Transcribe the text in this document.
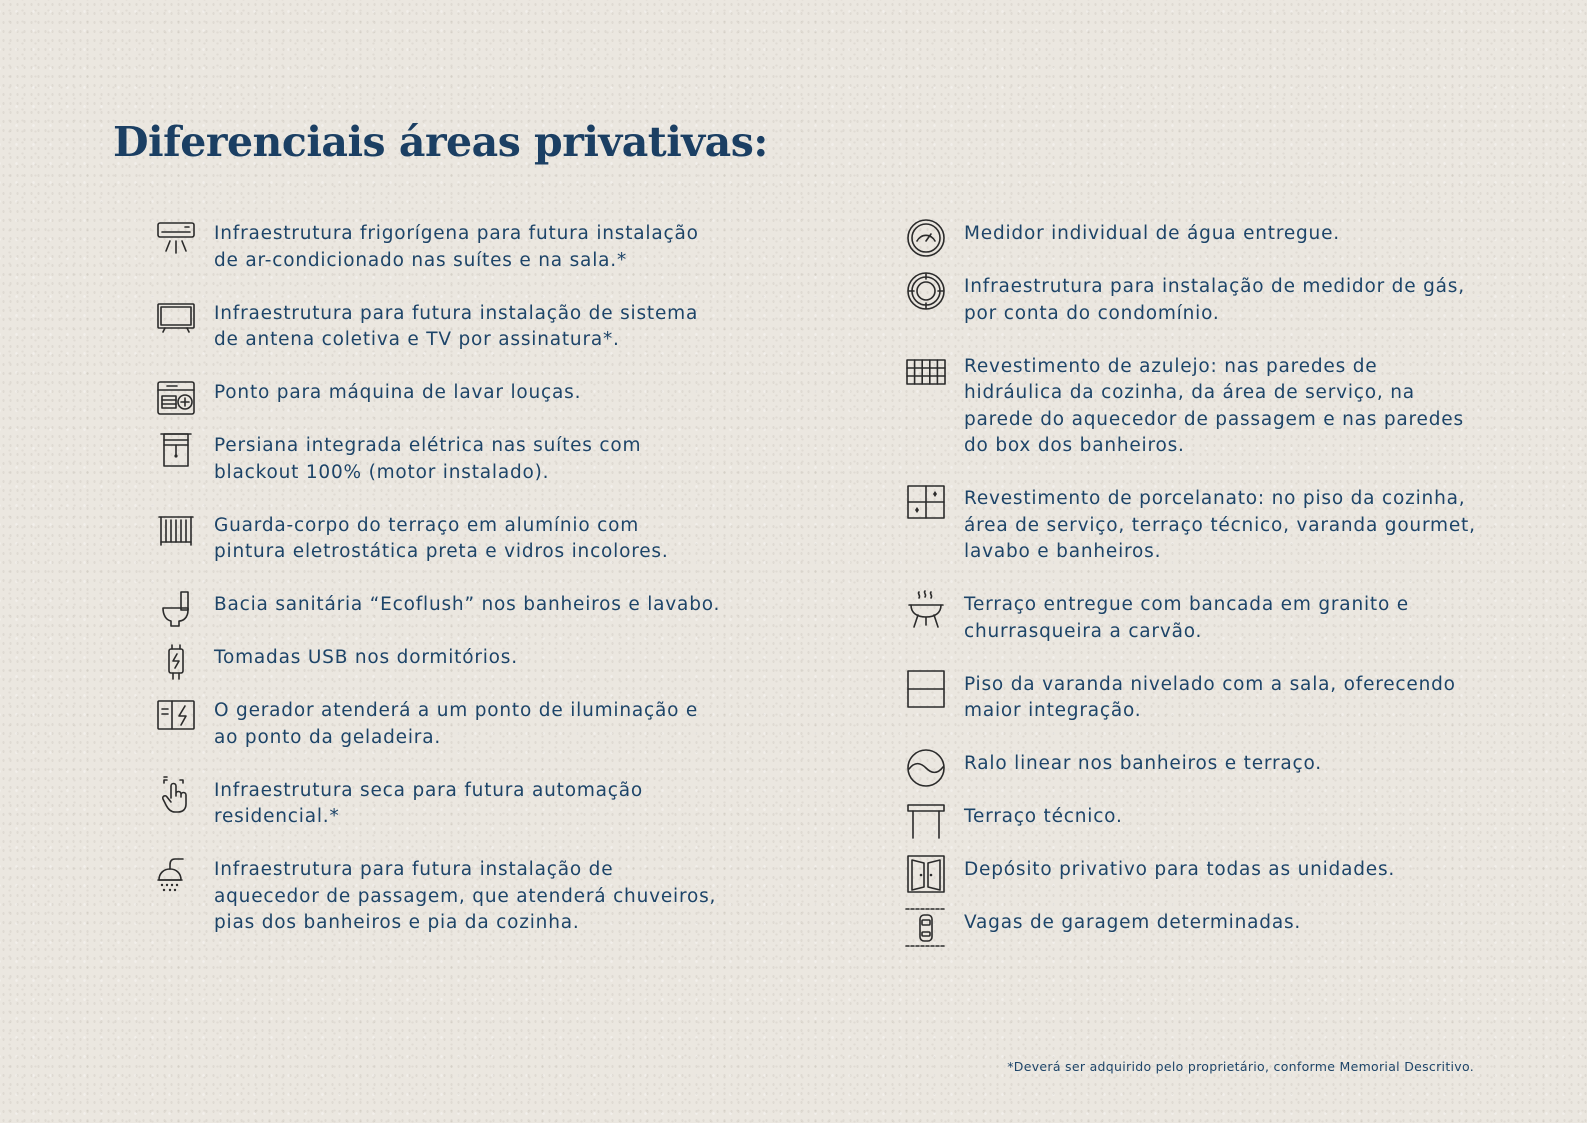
Diferenciais áreas privativas:

Infraestrutura frigorígena para futura instalação
de ar-condicionado nas suítes e na sala.*

Infraestrutura para futura instalação de sistema
de antena coletiva e TV por assinatura*.

Ponto para máquina de lavar louças.

Persiana integrada elétrica nas suítes com
blackout 100% (motor instalado).

Guarda-corpo do terraço em alumínio com
pintura eletrostática preta e vidros incolores.

Bacia sanitária “Ecoflush” nos banheiros e lavabo.

Tomadas USB nos dormitórios.

O gerador atenderá a um ponto de iluminação e
ao ponto da geladeira.

Infraestrutura seca para futura automação
residencial.*

Infraestrutura para futura instalação de
aquecedor de passagem, que atenderá chuveiros,
pias dos banheiros e pia da cozinha.

Medidor individual de água entregue.

Infraestrutura para instalação de medidor de gás,
por conta do condomínio.

Revestimento de azulejo: nas paredes de
hidráulica da cozinha, da área de serviço, na
parede do aquecedor de passagem e nas paredes
do box dos banheiros.

Revestimento de porcelanato: no piso da cozinha,
área de serviço, terraço técnico, varanda gourmet,
lavabo e banheiros.

Terraço entregue com bancada em granito e
churrasqueira a carvão.

Piso da varanda nivelado com a sala, oferecendo
maior integração.

Ralo linear nos banheiros e terraço.

Terraço técnico.

Depósito privativo para todas as unidades.

Vagas de garagem determinadas.

*Deverá ser adquirido pelo proprietário, conforme Memorial Descritivo.
